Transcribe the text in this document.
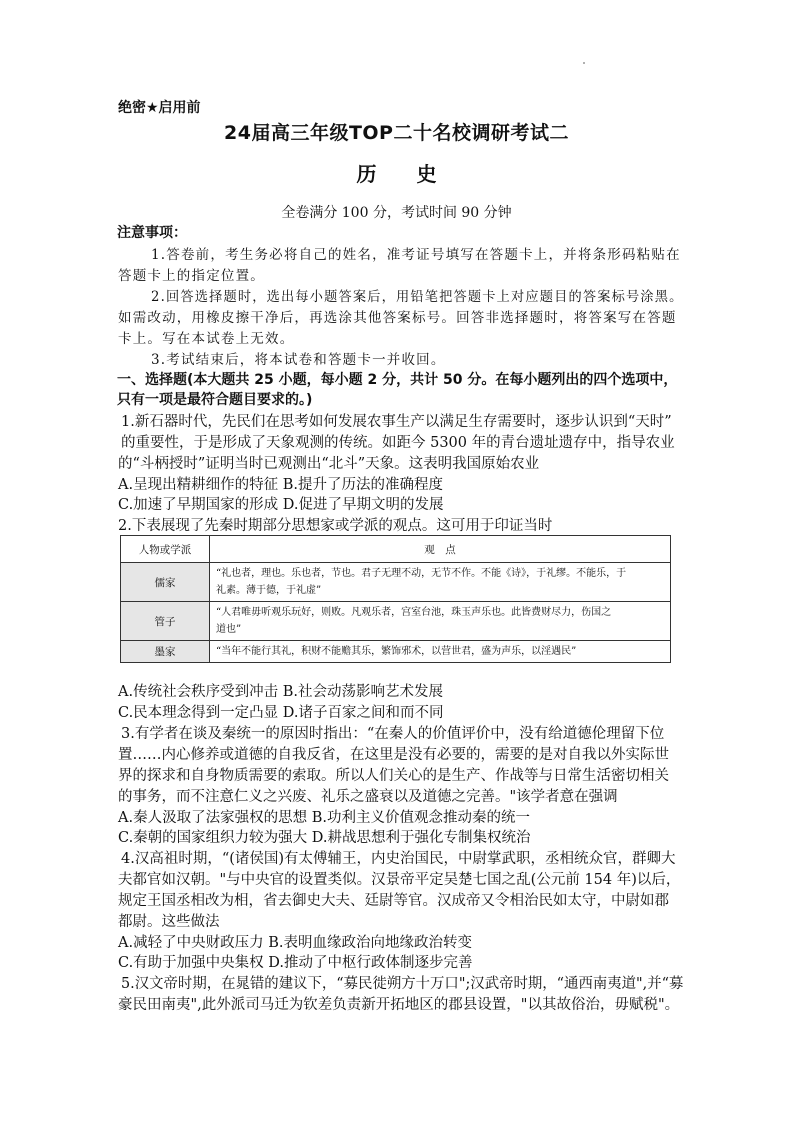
绝密★启用前
24届高三年级TOP二十名校调研考试二
历 史
全卷满分 100 分，考试时间 90 分钟
注意事项：
1.答卷前，考生务必将自己的姓名，准考证号填写在答题卡上，并将条形码粘贴在
答题卡上的指定位置。
2.回答选择题时，选出每小题答案后，用铅笔把答题卡上对应题目的答案标号涂黑。
如需改动，用橡皮擦干净后，再选涂其他答案标号。回答非选择题时，将答案写在答题
卡上。写在本试卷上无效。
3.考试结束后，将本试卷和答题卡一并收回。
一、选择题(本大题共 25 小题，每小题 2 分，共计 50 分。在每小题列出的四个选项中，
只有一项是最符合题目要求的。)
1.新石器时代，先民们在思考如何发展农事生产以满足生存需要时，逐步认识到“天时”
的重要性，于是形成了天象观测的传统。如距今 5300 年的青台遗址遗存中，指导农业
的“斗柄授时”证明当时已观测出“北斗”天象。这表明我国原始农业
A.呈现出精耕细作的特征 B.提升了历法的准确程度
C.加速了早期国家的形成 D.促进了早期文明的发展
2.下表展现了先秦时期部分思想家或学派的观点。这可用于印证当时
人物或学派	观　点
儒家	“礼也者，理也。乐也者，节也。君子无理不动，无节不作。不能《诗》，于礼缪。不能乐，于
礼素。薄于德，于礼虚”

管子	“人君唯毋听观乐玩好，则败。凡观乐者，宫室台池，珠玉声乐也。此皆费财尽力，伤国之
道也”

墨家	“当年不能行其礼，积财不能赡其乐，繁饰邪术，以营世君，盛为声乐，以淫遇民”
A.传统社会秩序受到冲击 B.社会动荡影响艺术发展
C.民本理念得到一定凸显 D.诸子百家之间和而不同
3.有学者在谈及秦统一的原因时指出：“在秦人的价值评价中，没有给道德伦理留下位
置……内心修养或道德的自我反省，在这里是没有必要的，需要的是对自我以外实际世
界的探求和自身物质需要的索取。所以人们关心的是生产、作战等与日常生活密切相关
的事务，而不注意仁义之兴废、礼乐之盛衰以及道德之完善。"该学者意在强调
A.秦人汲取了法家强权的思想 B.功利主义价值观念推动秦的统一
C.秦朝的国家组织力较为强大 D.耕战思想利于强化专制集权统治
4.汉高祖时期，“(诸侯国)有太傅辅王，内史治国民，中尉掌武职，丞相统众官，群卿大
夫都官如汉朝。"与中央官的设置类似。汉景帝平定吴楚七国之乱(公元前 154 年)以后，
规定王国丞相改为相，省去御史大夫、廷尉等官。汉成帝又令相治民如太守，中尉如郡
都尉。这些做法
A.减轻了中央财政压力 B.表明血缘政治向地缘政治转变
C.有助于加强中央集权 D.推动了中枢行政体制逐步完善
5.汉文帝时期，在晁错的建议下，“募民徙朔方十万口";汉武帝时期，“通西南夷道",并“募
豪民田南夷",此外派司马迁为钦差负责新开拓地区的郡县设置，"以其故俗治，毋赋税"。
